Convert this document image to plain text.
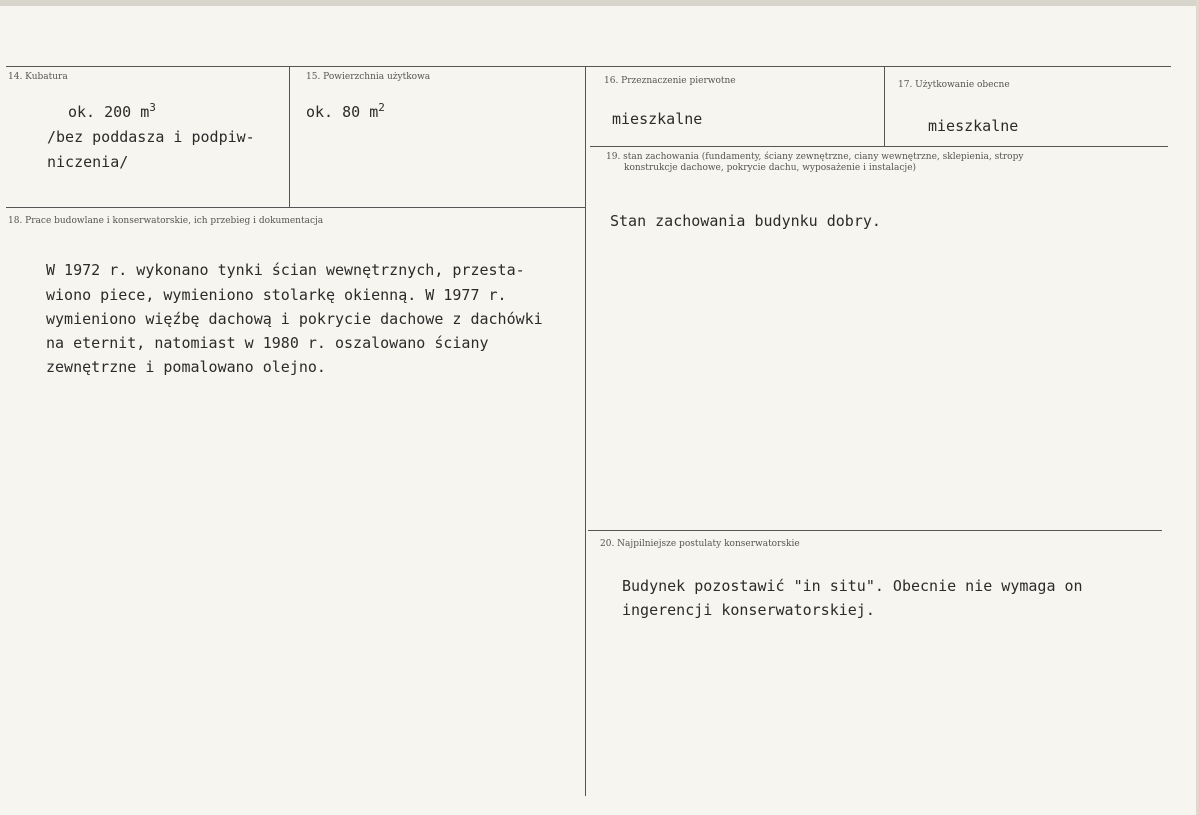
14. Kubatura
ok. 200 $m^3$
/bez poddasza i podpiw-
niczenia/
15. Powierzchnia użytkowa
ok. 80 $m^2$
16. Przeznaczenie pierwotne
mieszkalne
17. Użytkowanie obecne
mieszkalne
19. stan zachowania (fundamenty, ściany zewnętrzne, ciany wewnętrzne, sklepienia, stropy
konstrukcje dachowe, pokrycie dachu, wyposażenie i instalacje)
Stan zachowania budynku dobry.
18. Prace budowlane i konserwatorskie, ich przebieg i dokumentacja
W 1972 r. wykonano tynki ścian wewnętrznych, przesta-
wiono piece, wymieniono stolarkę okienną. W 1977 r.
wymieniono więźbę dachową i pokrycie dachowe z dachówki
na eternit, natomiast w 1980 r. oszalowano ściany
zewnętrzne i pomalowano olejno.
20. Najpilniejsze postulaty konserwatorskie
Budynek pozostawić "in situ". Obecnie nie wymaga on
ingerencji konserwatorskiej.
